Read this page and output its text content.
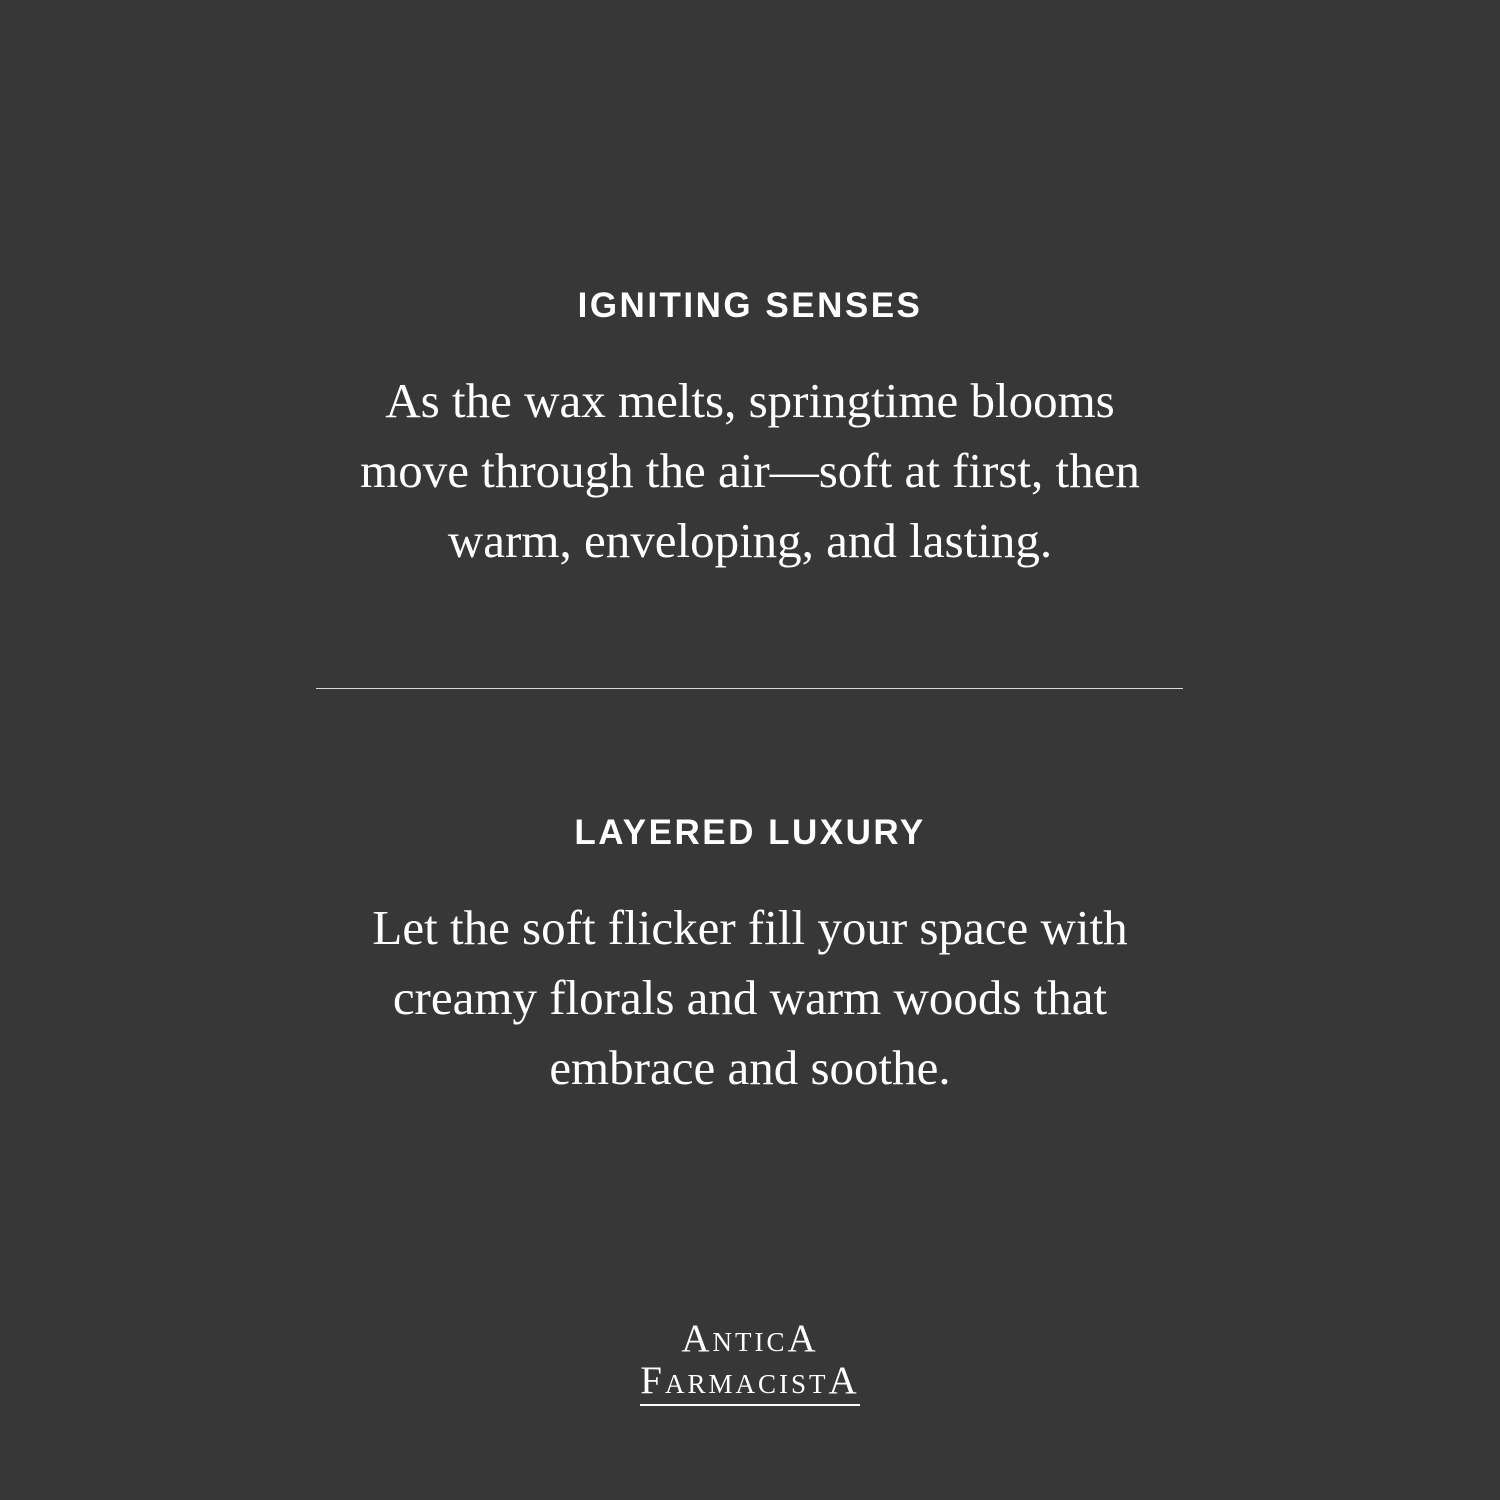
IGNITING SENSES

As the wax melts, springtime blooms
move through the air—soft at first, then
warm, enveloping, and lasting.

LAYERED LUXURY

Let the soft flicker fill your space with
creamy florals and warm woods that
embrace and soothe.

AnticA
FarmacistA
